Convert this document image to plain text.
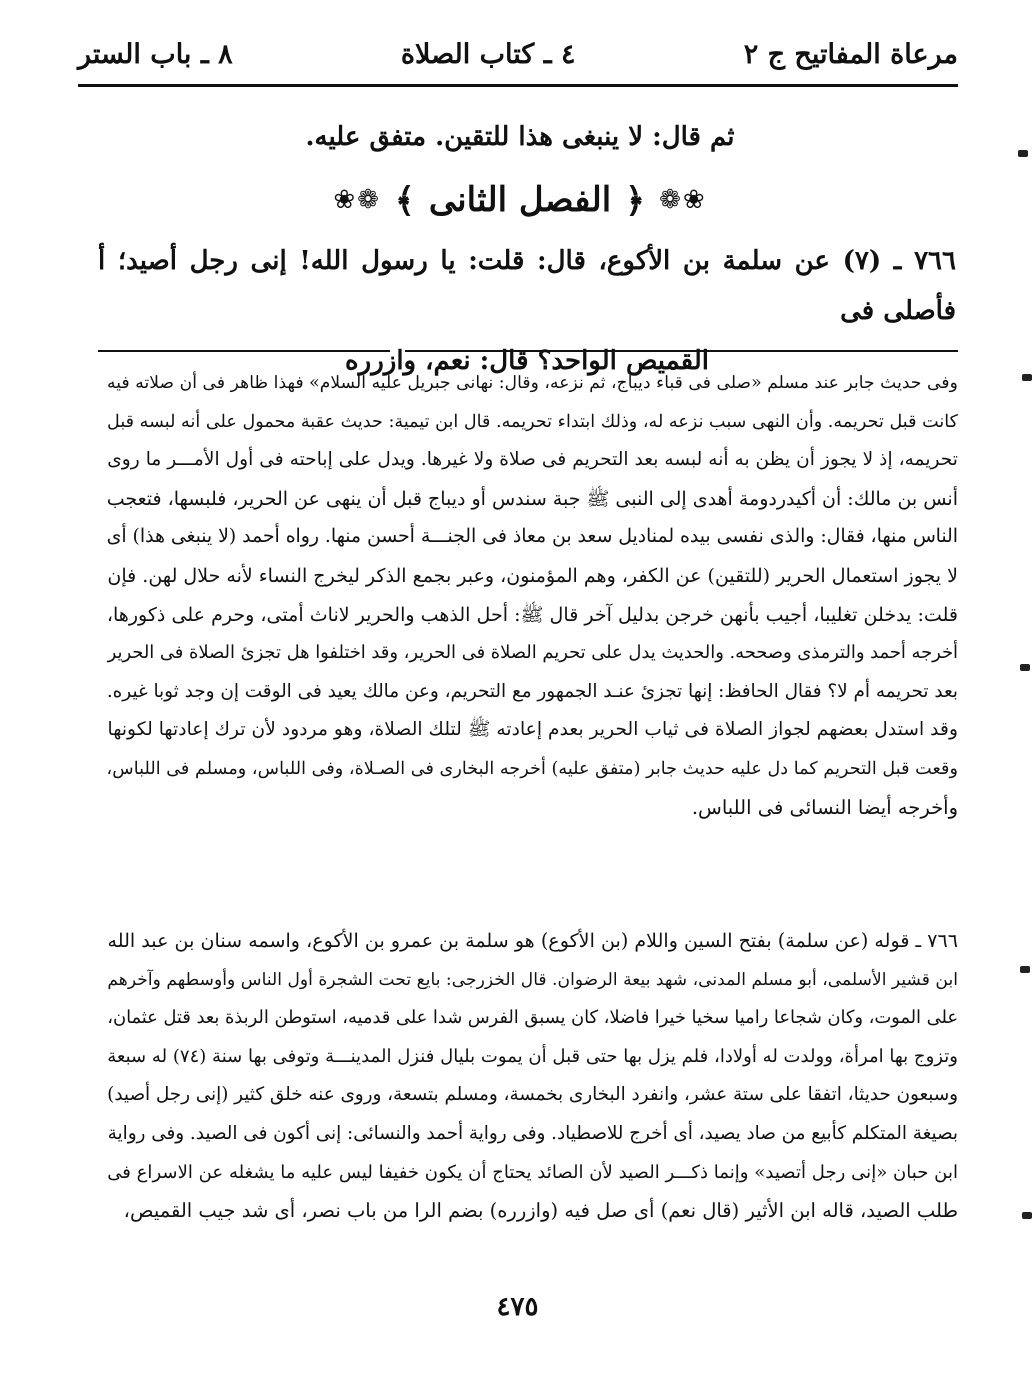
مرعاة المفاتيح ج ٢
٤ ـ كتاب الصلاة
٨ ـ باب الستر
ثم قال: لا ينبغى هذا للتقين. متفق عليه.
❀❁
﴿
الفصل الثانى
﴾
❁❀
٧٦٦ ـ (٧) عن سلمة بن الأكوع، قال: قلت: يا رسول الله! إنى رجل أصيد؛ أ فأصلى فى
القميص الواحد؟ قال: نعم، وازرره

وفى حديث جابر عند مسلم «صلى فى قباء ديباج، ثم نزعه، وقال: نهانى جبريل عليه السلام» فهذا ظاهر فى أن صلاته فيه

كانت قبل تحريمه. وأن النهى سبب نزعه له، وذلك ابتداء تحريمه. قال ابن تيمية: حديث عقبة محمول على أنه لبسه قبل

تحريمه، إذ لا يجوز أن يظن به أنه لبسه بعد التحريم فى صلاة ولا غيرها. ويدل على إباحته فى أول الأمـــر ما روى

أنس بن مالك: أن أكيدردومة أهدى إلى النبى ﷺ جبة سندس أو ديباج قبل أن ينهى عن الحرير، فلبسها، فتعجب

الناس منها، فقال: والذى نفسى بيده لمناديل سعد بن معاذ فى الجنـــة أحسن منها. رواه أحمد (لا ينبغى هذا) أى

لا يجوز استعمال الحرير (للتقين) عن الكفر، وهم المؤمنون، وعبر بجمع الذكر ليخرج النساء لأنه حلال لهن. فإن

قلت: يدخلن تغليبا، أجيب بأنهن خرجن بدليل آخر قال ﷺ: أحل الذهب والحرير لاناث أمتى، وحرم على ذكورها،

أخرجه أحمد والترمذى وصححه. والحديث يدل على تحريم الصلاة فى الحرير، وقد اختلفوا هل تجزئ الصلاة فى الحرير

بعد تحريمه أم لا؟ فقال الحافظ: إنها تجزئ عنـد الجمهور مع التحريم، وعن مالك يعيد فى الوقت إن وجد ثوبا غيره.

وقد استدل بعضهم لجواز الصلاة فى ثياب الحرير بعدم إعادته ﷺ لتلك الصلاة، وهو مردود لأن ترك إعادتها لكونها

وقعت قبل التحريم كما دل عليه حديث جابر (متفق عليه) أخرجه البخارى فى الصـلاة، وفى اللباس، ومسلم فى اللباس،

وأخرجه أيضا النسائى فى اللباس.

٧٦٦ ـ قوله (عن سلمة) بفتح السين واللام (بن الأكوع) هو سلمة بن عمرو بن الأكوع، واسمه سنان بن عبد الله

ابن قشير الأسلمى، أبو مسلم المدنى، شهد بيعة الرضوان. قال الخزرجى: بايع تحت الشجرة أول الناس وأوسطهم وآخرهم

على الموت، وكان شجاعا راميا سخيا خيرا فاضلا، كان يسبق الفرس شدا على قدميه، استوطن الربذة بعد قتل عثمان،

وتزوج بها امرأة، وولدت له أولادا، فلم يزل بها حتى قبل أن يموت بليال فنزل المدينـــة وتوفى بها سنة (٧٤) له سبعة

وسبعون حديثا، اتفقا على ستة عشر، وانفرد البخارى بخمسة، ومسلم بتسعة، وروى عنه خلق كثير (إنى رجل أصيد)

بصيغة المتكلم كأبيع من صاد يصيد، أى أخرج للاصطياد. وفى رواية أحمد والنسائى: إنى أكون فى الصيد. وفى رواية

ابن حبان «إنى رجل أتصيد» وإنما ذكـــر الصيد لأن الصائد يحتاج أن يكون خفيفا ليس عليه ما يشغله عن الاسراع فى

طلب الصيد، قاله ابن الأثير (قال نعم) أى صل فيه (وازرره) بضم الرا من باب نصر، أى شد جيب القميص،

٤٧٥
